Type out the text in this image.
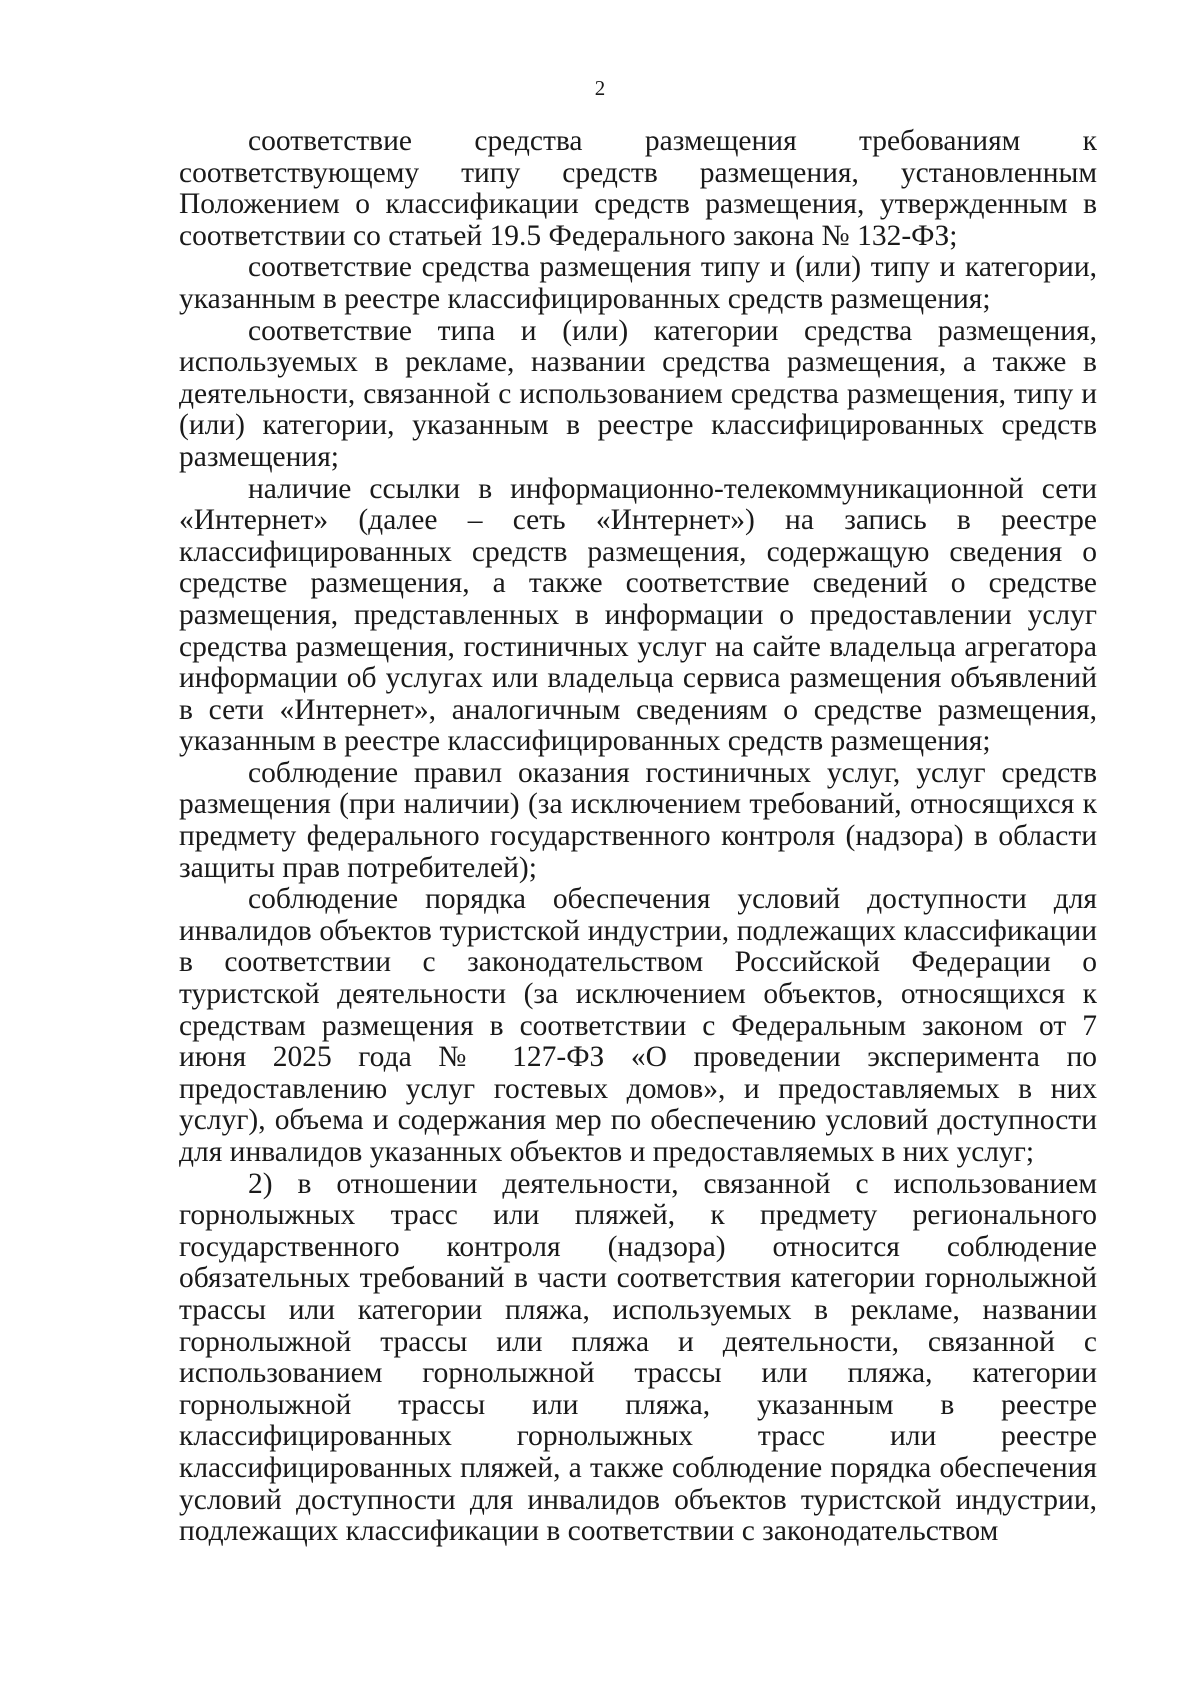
2

соответствие средства размещения требованиям к соответствующему типу средств размещения, установленным Положением о классификации средств размещения, утвержденным в соответствии со статьей 19.5 Федерального закона № 132-ФЗ;

соответствие средства размещения типу и (или) типу и категории, указанным в реестре классифицированных средств размещения;

соответствие типа и (или) категории средства размещения, используемых в рекламе, названии средства размещения, а также в деятельности, связанной с использованием средства размещения, типу и (или) категории, указанным в реестре классифицированных средств размещения;

наличие ссылки в информационно-телекоммуникационной сети «Интернет» (далее – сеть «Интернет») на запись в реестре классифицированных средств размещения, содержащую сведения о средстве размещения, а также соответствие сведений о средстве размещения, представленных в информации о предоставлении услуг средства размещения, гостиничных услуг на сайте владельца агрегатора информации об услугах или владельца сервиса размещения объявлений в сети «Интернет», аналогичным сведениям о средстве размещения, указанным в реестре классифицированных средств размещения;

соблюдение правил оказания гостиничных услуг, услуг средств размещения (при наличии) (за исключением требований, относящихся к предмету федерального государственного контроля (надзора) в области защиты прав потребителей);

соблюдение порядка обеспечения условий доступности для инвалидов объектов туристской индустрии, подлежащих классификации в соответствии с законодательством Российской Федерации о туристской деятельности (за исключением объектов, относящихся к средствам размещения в соответствии с Федеральным законом от 7 июня 2025 года № 127-ФЗ «О проведении эксперимента по предоставлению услуг гостевых домов», и предоставляемых в них услуг), объема и содержания мер по обеспечению условий доступности для инвалидов указанных объектов и предоставляемых в них услуг;

2) в отношении деятельности, связанной с использованием горнолыжных трасс или пляжей, к предмету регионального государственного контроля (надзора) относится соблюдение обязательных требований в части соответствия категории горнолыжной трассы или категории пляжа, используемых в рекламе, названии горнолыжной трассы или пляжа и деятельности, связанной с использованием горнолыжной трассы или пляжа, категории горнолыжной трассы или пляжа, указанным в реестре классифицированных горнолыжных трасс или реестре классифицированных пляжей, а также соблюдение порядка обеспечения условий доступности для инвалидов объектов туристской индустрии, подлежащих классификации в соответствии с законодательством
